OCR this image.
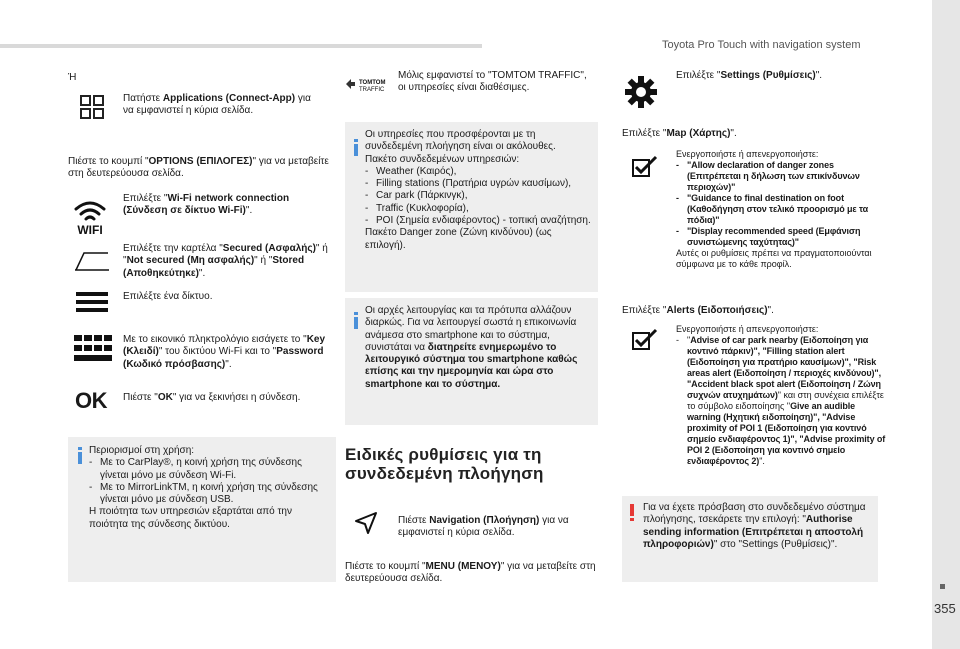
Toyota Pro Touch with navigation system
355
Ή
Πατήστε Applications (Connect-App) για να εμφανιστεί η κύρια σελίδα.
Πιέστε το κουμπί "OPTIONS (ΕΠΙΛΟΓΕΣ)" για να μεταβείτε στη δευτερεύουσα σελίδα.
WIFI
Επιλέξτε "Wi-Fi network connection (Σύνδεση σε δίκτυο Wi-Fi)".
Επιλέξτε την καρτέλα "Secured (Ασφαλής)" ή "Not secured (Μη ασφαλής)" ή "Stored (Αποθηκεύτηκε)".
Επιλέξτε ένα δίκτυο.
Με το εικονικό πληκτρολόγιο εισάγετε το "Key (Κλειδί)" του δικτύου Wi-Fi και το "Password (Κωδικό πρόσβασης)".
OK Πιέστε "OK" για να ξεκινήσει η σύνδεση.
Περιορισμοί στη χρήση:
- Με το CarPlay®, η κοινή χρήση της σύνδεσης γίνεται μόνο με σύνδεση Wi-Fi.
- Με το MirrorLinkTM, η κοινή χρήση της σύνδεσης γίνεται μόνο με σύνδεση USB.
Η ποιότητα των υπηρεσιών εξαρτάται από την ποιότητα της σύνδεσης δικτύου.
TOMTOM
TRAFFIC
Μόλις εμφανιστεί το "TOMTOM TRAFFIC", οι υπηρεσίες είναι διαθέσιμες.
Οι υπηρεσίες που προσφέρονται με τη συνδεδεμένη πλοήγηση είναι οι ακόλουθες.
Πακέτο συνδεδεμένων υπηρεσιών:
- Weather (Καιρός),
- Filling stations (Πρατήρια υγρών καυσίμων),
- Car park (Πάρκινγκ),
- Traffic (Κυκλοφορία),
- POI (Σημεία ενδιαφέροντος) - τοπική αναζήτηση.
Πακέτο Danger zone (Ζώνη κινδύνου) (ως επιλογή).
Οι αρχές λειτουργίας και τα πρότυπα αλλάζουν διαρκώς. Για να λειτουργεί σωστά η επικοινωνία ανάμεσα στο smartphone και το σύστημα, συνιστάται να διατηρείτε ενημερωμένο το λειτουργικό σύστημα του smartphone καθώς επίσης και την ημερομηνία και ώρα στο smartphone και το σύστημα.
Ειδικές ρυθμίσεις για τη συνδεδεμένη πλοήγηση
Πιέστε Navigation (Πλοήγηση) για να εμφανιστεί η κύρια σελίδα.
Πιέστε το κουμπί "MENU (ΜΕΝΟΥ)" για να μεταβείτε στη δευτερεύουσα σελίδα.
Επιλέξτε "Settings (Ρυθμίσεις)".
Επιλέξτε "Map (Χάρτης)".
Ενεργοποιήστε ή απενεργοποιήστε:
- "Allow declaration of danger zones (Επιτρέπεται η δήλωση των επικίνδυνων περιοχών)"
- "Guidance to final destination on foot (Καθοδήγηση στον τελικό προορισμό με τα πόδια)"
- "Display recommended speed (Εμφάνιση συνιστώμενης ταχύτητας)"
Αυτές οι ρυθμίσεις πρέπει να πραγματοποιούνται σύμφωνα με το κάθε προφίλ.
Επιλέξτε "Alerts (Ειδοποιήσεις)".
Ενεργοποιήστε ή απενεργοποιήστε:
- "Advise of car park nearby (Ειδοποίηση για κοντινό πάρκιν)", "Filling station alert (Ειδοποίηση για πρατήριο καυσίμων)", "Risk areas alert (Ειδοποίηση / περιοχές κινδύνου)", "Accident black spot alert (Ειδοποίηση / Ζώνη συχνών ατυχημάτων)" και στη συνέχεια επιλέξτε το σύμβολο ειδοποίησης "Give an audible warning (Ηχητική ειδοποίηση)", "Advise proximity of POI 1 (Ειδοποίηση για κοντινό σημείο ενδιαφέροντος 1)", "Advise proximity of POI 2 (Ειδοποίηση για κοντινό σημείο ενδιαφέροντος 2)".
Για να έχετε πρόσβαση στο συνδεδεμένο σύστημα πλοήγησης, τσεκάρετε την επιλογή: "Authorise sending information (Επιτρέπεται η αποστολή πληροφοριών)" στο "Settings (Ρυθμίσεις)".
